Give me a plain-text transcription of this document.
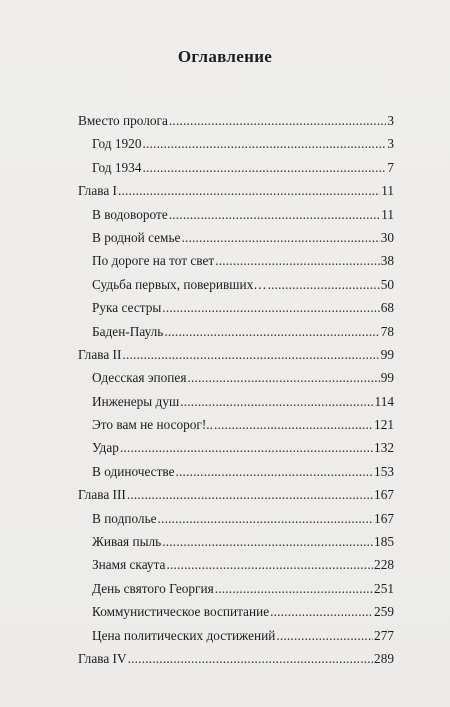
Оглавление
Вместо пролога .....	3
Год 1920 .....	3
Год 1934 .....	7
Глава I .....	11
В водовороте .....	11
В родной семье .....	30
По дороге на тот свет .....	38
Судьба первых, поверивших… .....	50
Рука сестры .....	68
Баден-Пауль .....	78
Глава II .....	99
Одесская эпопея .....	99
Инженеры душ .....	114
Это вам не носорог!.. .....	121
Удар .....	132
В одиночестве .....	153
Глава III .....	167
В подполье .....	167
Живая пыль .....	185
Знамя скаута .....	228
День святого Георгия .....	251
Коммунистическое воспитание .....	259
Цена политических достижений .....	277
Глава IV .....	289
